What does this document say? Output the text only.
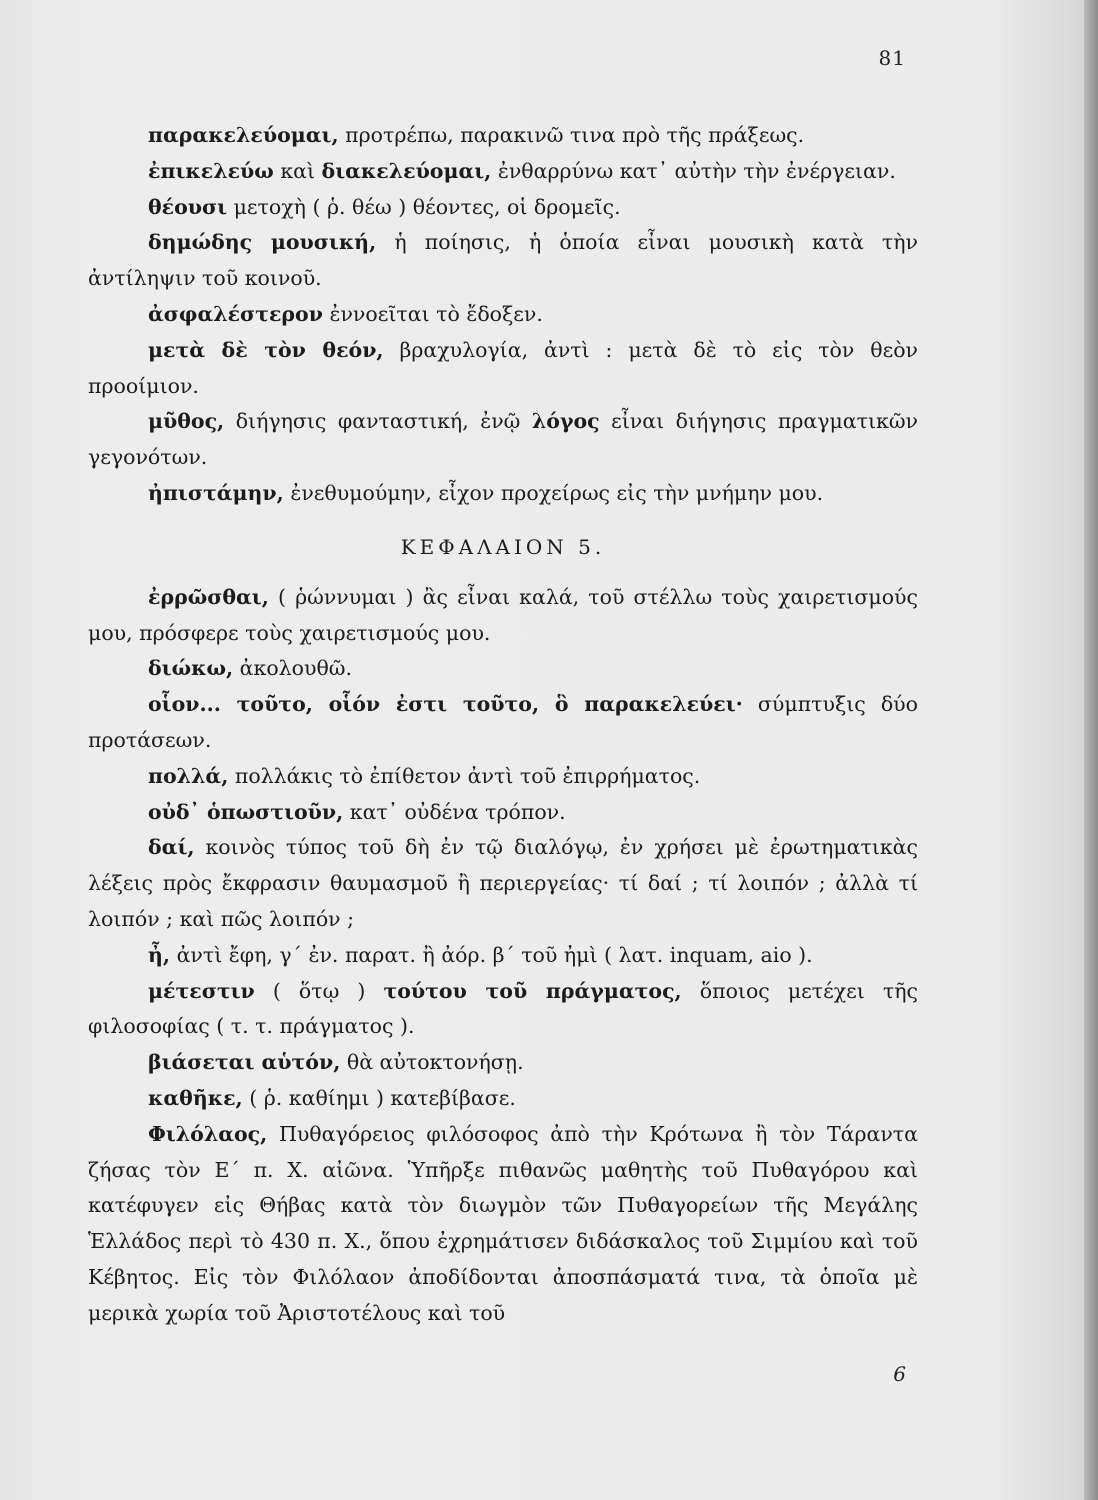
81

παρακελεύομαι, προτρέπω, παρακινῶ τινα πρὸ τῆς πράξεως.

ἐπικελεύω καὶ διακελεύομαι, ἐνθαρρύνω κατ᾽ αὐτὴν τὴν ἐνέργειαν.

θέουσι μετοχὴ ( ῥ. θέω ) θέοντες, οἱ δρομεῖς.

δημώδης μουσική, ἡ ποίησις, ἡ ὁποία εἶναι μουσικὴ κατὰ τὴν ἀντίληψιν τοῦ κοινοῦ.

ἀσφαλέστερον ἐννοεῖται τὸ ἔδοξεν.

μετὰ δὲ τὸν θεόν, βραχυλογία, ἀντὶ : μετὰ δὲ τὸ εἰς τὸν θεὸν προοίμιον.

μῦθος, διήγησις φανταστική, ἐνῷ λόγος εἶναι διήγησις πραγματικῶν γεγονότων.

ἠπιστάμην, ἐνεθυμούμην, εἶχον προχείρως εἰς τὴν μνήμην μου.

ΚΕΦΑΛΑΙΟΝ 5.

ἐρρῶσθαι, ( ῥώννυμαι ) ἂς εἶναι καλά, τοῦ στέλλω τοὺς χαιρετισμούς μου, πρόσφερε τοὺς χαιρετισμούς μου.

διώκω, ἀκολουθῶ.

οἷον... τοῦτο, οἷόν ἐστι τοῦτο, ὃ παρακελεύει· σύμπτυξις δύο προτάσεων.

πολλά, πολλάκις τὸ ἐπίθετον ἀντὶ τοῦ ἐπιρρήματος.

οὐδ᾽ ὁπωστιοῦν, κατ᾽ οὐδένα τρόπον.

δαί, κοινὸς τύπος τοῦ δὴ ἐν τῷ διαλόγῳ, ἐν χρήσει μὲ ἐρωτηματικὰς λέξεις πρὸς ἔκφρασιν θαυμασμοῦ ἢ περιεργείας· τί δαί ; τί λοιπόν ; ἀλλὰ τί λοιπόν ; καὶ πῶς λοιπόν ;

ἦ, ἀντὶ ἔφη, γ΄ ἐν. παρατ. ἢ ἀόρ. β΄ τοῦ ἠμὶ ( λατ. inquam, aio ).

μέτεστιν ( ὅτῳ ) τούτου τοῦ πράγματος, ὅποιος μετέχει τῆς φιλοσοφίας ( τ. τ. πράγματος ).

βιάσεται αὑτόν, θὰ αὐτοκτονήσῃ.

καθῆκε, ( ῥ. καθίημι ) κατεβίβασε.

Φιλόλαος, Πυθαγόρειος φιλόσοφος ἀπὸ τὴν Κρότωνα ἢ τὸν Τάραντα ζήσας τὸν Ε΄ π. Χ. αἰῶνα. Ὑπῆρξε πιθανῶς μαθητὴς τοῦ Πυθαγόρου καὶ κατέφυγεν εἰς Θήβας κατὰ τὸν διωγμὸν τῶν Πυθαγορείων τῆς Μεγάλης Ἑλλάδος περὶ τὸ 430 π. Χ., ὅπου ἐχρημάτισεν διδάσκαλος τοῦ Σιμμίου καὶ τοῦ Κέβητος. Εἰς τὸν Φιλόλαον ἀποδίδονται ἀποσπάσματά τινα, τὰ ὁποῖα μὲ μερικὰ χωρία τοῦ Ἀριστοτέλους καὶ τοῦ

6
